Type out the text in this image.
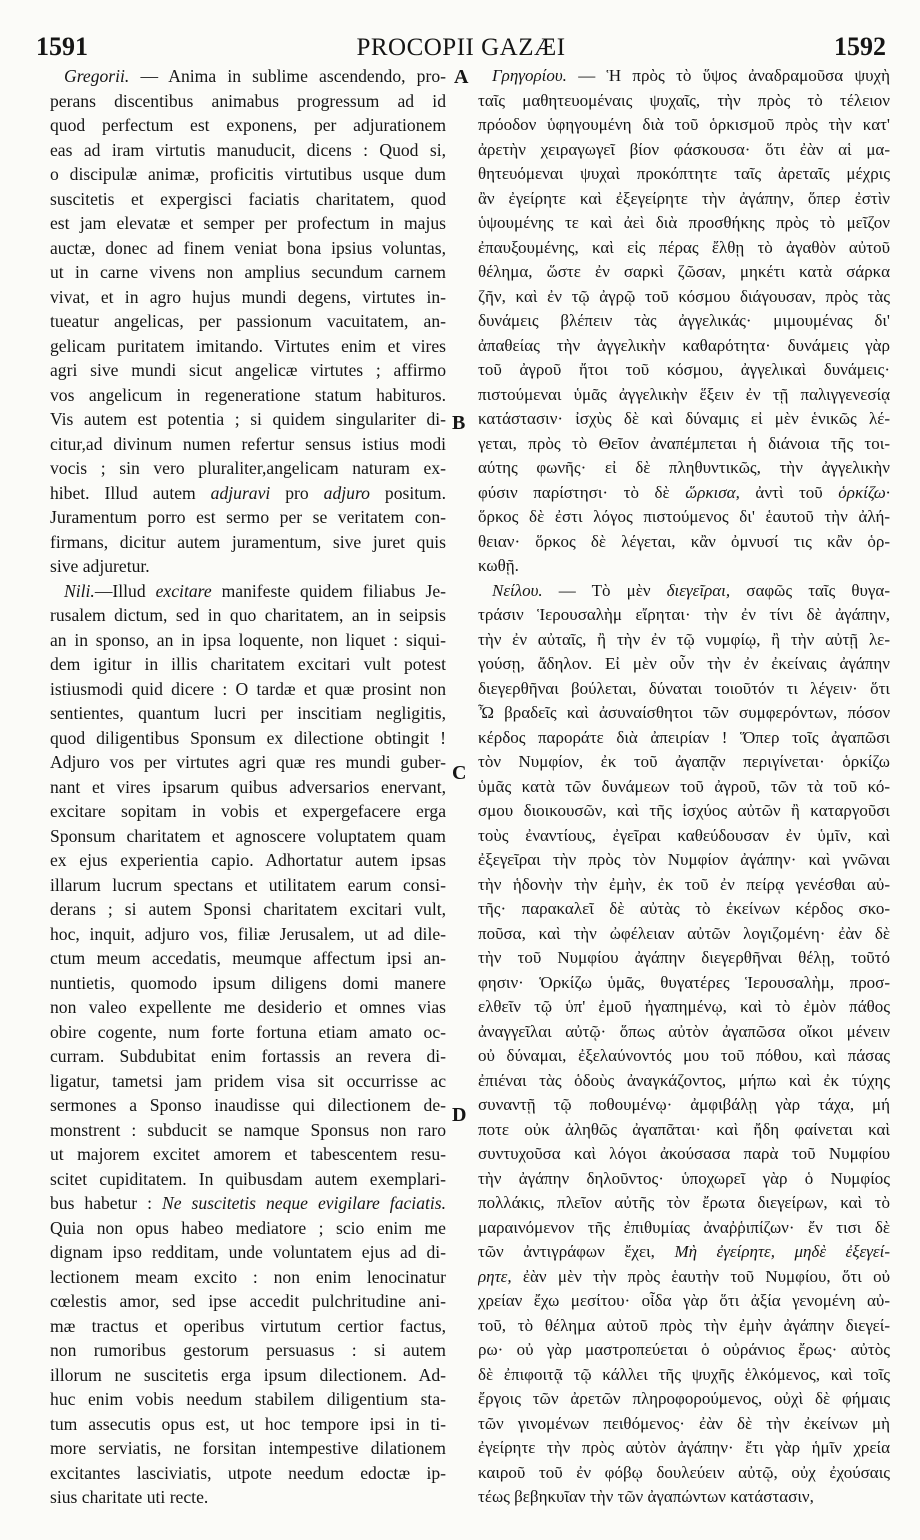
1591	PROCOPII GAZÆI	1592
Gregorii. — Anima in sublime ascendendo, pro-
perans discentibus animabus progressum ad id
quod perfectum est exponens, per adjurationem
eas ad iram virtutis manuducit, dicens : Quod si,
o discipulæ animæ, proficitis virtutibus usque dum
suscitetis et expergisci faciatis charitatem, quod
est jam elevatæ et semper per profectum in majus
auctæ, donec ad finem veniat bona ipsius voluntas,
ut in carne vivens non amplius secundum carnem
vivat, et in agro hujus mundi degens, virtutes in-
tueatur angelicas, per passionum vacuitatem, an-
gelicam puritatem imitando. Virtutes enim et vires
agri sive mundi sicut angelicæ virtutes ; affirmo
vos angelicum in regeneratione statum habituros.
Vis autem est potentia ; si quidem singulariter di-
citur,ad divinum numen refertur sensus istius modi
vocis ; sin vero pluraliter,angelicam naturam ex-
hibet. Illud autem adjuravi pro adjuro positum.
Juramentum porro est sermo per se veritatem con-
firmans, dicitur autem juramentum, sive juret quis
sive adjuretur.
Nili.—Illud excitare manifeste quidem filiabus Je-
rusalem dictum, sed in quo charitatem, an in seipsis
an in sponso, an in ipsa loquente, non liquet : siqui-
dem igitur in illis charitatem excitari vult potest
istiusmodi quid dicere : O tardæ et quæ prosint non
sentientes, quantum lucri per inscitiam negligitis,
quod diligentibus Sponsum ex dilectione obtingit !
Adjuro vos per virtutes agri quæ res mundi guber-
nant et vires ipsarum quibus adversarios enervant,
excitare sopitam in vobis et expergefacere erga
Sponsum charitatem et agnoscere voluptatem quam
ex ejus experientia capio. Adhortatur autem ipsas
illarum lucrum spectans et utilitatem earum consi-
derans ; si autem Sponsi charitatem excitari vult,
hoc, inquit, adjuro vos, filiæ Jerusalem, ut ad dile-
ctum meum accedatis, meumque affectum ipsi an-
nuntietis, quomodo ipsum diligens domi manere
non valeo expellente me desiderio et omnes vias
obire cogente, num forte fortuna etiam amato oc-
curram. Subdubitat enim fortassis an revera di-
ligatur, tametsi jam pridem visa sit occurrisse ac
sermones a Sponso inaudisse qui dilectionem de-
monstrent : subducit se namque Sponsus non raro
ut majorem excitet amorem et tabescentem resu-
scitet cupiditatem. In quibusdam autem exemplari-
bus habetur : Ne suscitetis neque evigilare faciatis.
Quia non opus habeo mediatore ; scio enim me
dignam ipso redditam, unde voluntatem ejus ad di-
lectionem meam excito : non enim lenocinatur
cœlestis amor, sed ipse accedit pulchritudine ani-
mæ tractus et operibus virtutum certior factus,
non rumoribus gestorum persuasus : si autem
illorum ne suscitetis erga ipsum dilectionem. Ad-
huc enim vobis needum stabilem diligentium sta-
tum assecutis opus est, ut hoc tempore ipsi in ti-
more serviatis, ne forsitan intempestive dilationem
excitantes lasciviatis, utpote needum edoctæ ip-
sius charitate uti recte.
Γρηγορίου. — Ἡ πρὸς τὸ ὕψος ἀναδραμοῦσα ψυχὴ
ταῖς μαθητευομέναις ψυχαῖς, τὴν πρὸς τὸ τέλειον
πρόοδον ὑφηγουμένη διὰ τοῦ ὁρκισμοῦ πρὸς τὴν κατ'
ἀρετὴν χειραγωγεῖ βίον φάσκουσα· ὅτι ἐὰν αἱ μα-
θητευόμεναι ψυχαὶ προκόπτητε ταῖς ἀρεταῖς μέχρις
ἂν ἐγείρητε καὶ ἐξεγείρητε τὴν ἀγάπην, ὅπερ ἐστὶν
ὑψουμένης τε καὶ ἀεὶ διὰ προσθήκης πρὸς τὸ μεῖζον
ἐπαυξουμένης, καὶ εἰς πέρας ἔλθῃ τὸ ἀγαθὸν αὐτοῦ
θέλημα, ὥστε ἐν σαρκὶ ζῶσαν, μηκέτι κατὰ σάρκα
ζῆν, καὶ ἐν τῷ ἀγρῷ τοῦ κόσμου διάγουσαν, πρὸς τὰς
δυνάμεις βλέπειν τὰς ἀγγελικάς· μιμουμένας δι'
ἀπαθείας τὴν ἀγγελικὴν καθαρότητα· δυνάμεις γὰρ
τοῦ ἀγροῦ ἤτοι τοῦ κόσμου, ἀγγελικαὶ δυνάμεις·
πιστούμεναι ὑμᾶς ἀγγελικὴν ἕξειν ἐν τῇ παλιγγενεσίᾳ
κατάστασιν· ἰσχὺς δὲ καὶ δύναμις εἰ μὲν ἑνικῶς λέ-
γεται, πρὸς τὸ Θεῖον ἀναπέμπεται ἡ διάνοια τῆς τοι-
αύτης φωνῆς· εἰ δὲ πληθυντικῶς, τὴν ἀγγελικὴν
φύσιν παρίστησι· τὸ δὲ ὥρκισα, ἀντὶ τοῦ ὁρκίζω·
ὅρκος δὲ ἐστι λόγος πιστούμενος δι' ἑαυτοῦ τὴν ἀλή-
θειαν· ὅρκος δὲ λέγεται, κἂν ὀμνυσί τις κἂν ὁρ-
κωθῇ.
Νείλου. — Τὸ μὲν διεγεῖραι, σαφῶς ταῖς θυγα-
τράσιν Ἱερουσαλὴμ εἴρηται· τὴν ἐν τίνι δὲ ἀγάπην,
τὴν ἐν αὐταῖς, ἢ τὴν ἐν τῷ νυμφίῳ, ἢ τὴν αὐτῇ λε-
γούσῃ, ἄδηλον. Εἰ μὲν οὖν τὴν ἐν ἐκείναις ἀγάπην
διεγερθῆναι βούλεται, δύναται τοιοῦτόν τι λέγειν· ὅτι
Ὦ βραδεῖς καὶ ἀσυναίσθητοι τῶν συμφερόντων, πόσον
κέρδος παροράτε διὰ ἀπειρίαν ! Ὅπερ τοῖς ἀγαπῶσι
τὸν Νυμφίον, ἐκ τοῦ ἀγαπᾷν περιγίνεται· ὁρκίζω
ὑμᾶς κατὰ τῶν δυνάμεων τοῦ ἀγροῦ, τῶν τὰ τοῦ κό-
σμου διοικουσῶν, καὶ τῆς ἰσχύος αὐτῶν ἢ καταργοῦσι
τοὺς ἐναντίους, ἐγεῖραι καθεύδουσαν ἐν ὑμῖν, καὶ
ἐξεγεῖραι τὴν πρὸς τὸν Νυμφίον ἀγάπην· καὶ γνῶναι
τὴν ἡδονὴν τὴν ἐμὴν, ἐκ τοῦ ἐν πείρᾳ γενέσθαι αὐ-
τῆς· παρακαλεῖ δὲ αὐτὰς τὸ ἐκείνων κέρδος σκο-
ποῦσα, καὶ τὴν ὠφέλειαν αὐτῶν λογιζομένη· ἐὰν δὲ
τὴν τοῦ Νυμφίου ἀγάπην διεγερθῆναι θέλῃ, τοῦτό
φησιν· Ὁρκίζω ὑμᾶς, θυγατέρες Ἱερουσαλὴμ, προσ-
ελθεῖν τῷ ὑπ' ἐμοῦ ἠγαπημένῳ, καὶ τὸ ἐμὸν πάθος
ἀναγγεῖλαι αὐτῷ· ὅπως αὐτὸν ἀγαπῶσα οἴκοι μένειν
οὐ δύναμαι, ἐξελαύνοντός μου τοῦ πόθου, καὶ πάσας
ἐπιέναι τὰς ὁδοὺς ἀναγκάζοντος, μήπω καὶ ἐκ τύχης
συναντῇ τῷ ποθουμένῳ· ἀμφιβάλῃ γὰρ τάχα, μή
ποτε οὐκ ἀληθῶς ἀγαπᾶται· καὶ ἤδη φαίνεται καὶ
συντυχοῦσα καὶ λόγοι ἀκούσασα παρὰ τοῦ Νυμφίου
τὴν ἀγάπην δηλοῦντος· ὑποχωρεῖ γὰρ ὁ Νυμφίος
πολλάκις, πλεῖον αὐτῆς τὸν ἔρωτα διεγείρων, καὶ τὸ
μαραινόμενον τῆς ἐπιθυμίας ἀναῤῥιπίζων· ἔν τισι δὲ
τῶν ἀντιγράφων ἔχει, Μὴ ἐγείρητε, μηδὲ ἐξεγεί-
ρητε, ἐὰν μὲν τὴν πρὸς ἑαυτὴν τοῦ Νυμφίου, ὅτι οὐ
χρείαν ἔχω μεσίτου· οἶδα γὰρ ὅτι ἀξία γενομένη αὐ-
τοῦ, τὸ θέλημα αὐτοῦ πρὸς τὴν ἐμὴν ἀγάπην διεγεί-
ρω· οὐ γὰρ μαστροπεύεται ὁ οὐράνιος ἔρως· αὐτὸς
δὲ ἐπιφοιτᾷ τῷ κάλλει τῆς ψυχῆς ἑλκόμενος, καὶ τοῖς
ἔργοις τῶν ἀρετῶν πληροφορούμενος, οὐχὶ δὲ φήμαις
τῶν γινομένων πειθόμενος· ἐὰν δὲ τὴν ἐκείνων μὴ
ἐγείρητε τὴν πρὸς αὐτὸν ἀγάπην· ἔτι γὰρ ἡμῖν χρεία
καιροῦ τοῦ ἐν φόβῳ δουλεύειν αὐτῷ, οὐχ ἐχούσαις
τέως βεβηκυῖαν τὴν τῶν ἀγαπώντων κατάστασιν,
A
B
C
D
